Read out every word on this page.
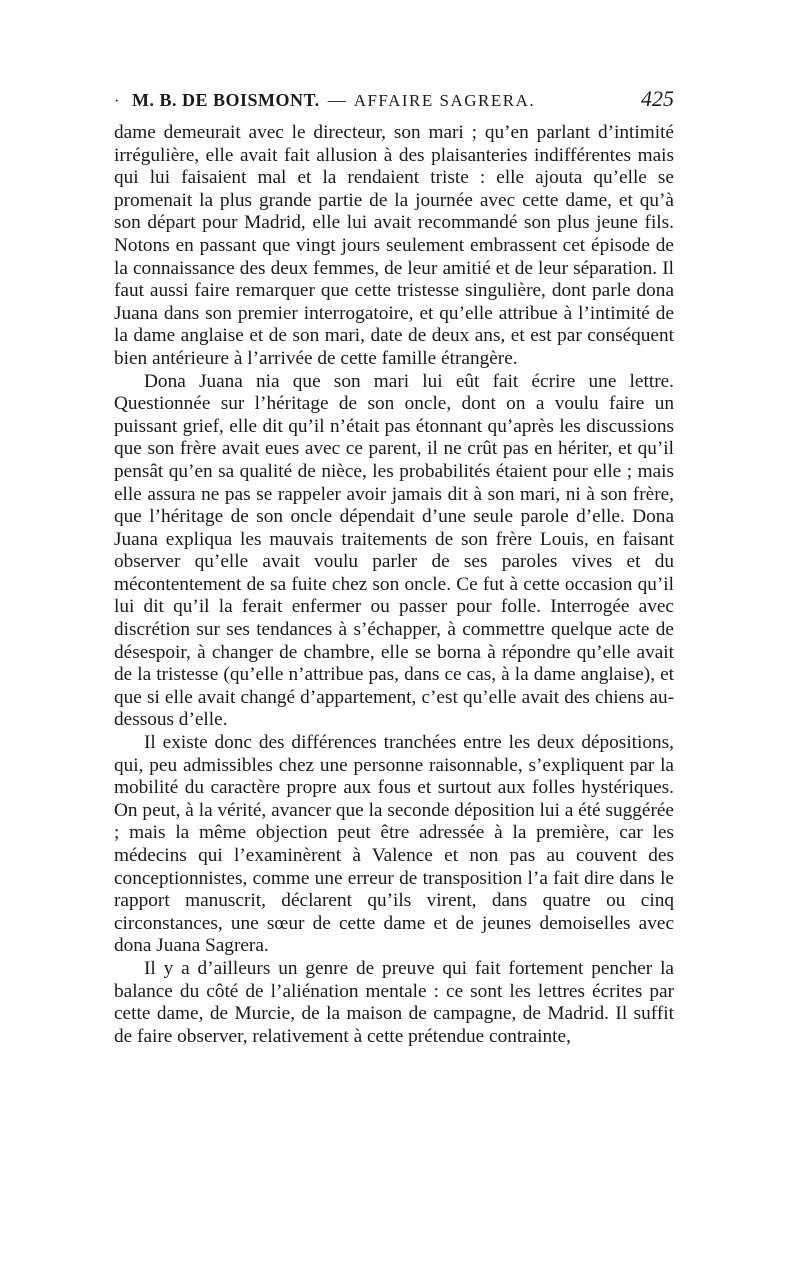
· M. B. DE BOISMONT. — AFFAIRE SAGRERA.	425

dame demeurait avec le directeur, son mari ; qu’en parlant d’intimité irrégulière, elle avait fait allusion à des plaisanteries indifférentes mais qui lui faisaient mal et la rendaient triste : elle ajouta qu’elle se promenait la plus grande partie de la journée avec cette dame, et qu’à son départ pour Madrid, elle lui avait recommandé son plus jeune fils. Notons en passant que vingt jours seulement embrassent cet épisode de la connaissance des deux femmes, de leur amitié et de leur séparation. Il faut aussi faire remarquer que cette tristesse singulière, dont parle dona Juana dans son premier interrogatoire, et qu’elle attribue à l’intimité de la dame anglaise et de son mari, date de deux ans, et est par conséquent bien antérieure à l’arrivée de cette famille étrangère.

Dona Juana nia que son mari lui eût fait écrire une lettre. Questionnée sur l’héritage de son oncle, dont on a voulu faire un puissant grief, elle dit qu’il n’était pas étonnant qu’après les discussions que son frère avait eues avec ce parent, il ne crût pas en hériter, et qu’il pensât qu’en sa qualité de nièce, les probabilités étaient pour elle ; mais elle assura ne pas se rappeler avoir jamais dit à son mari, ni à son frère, que l’héritage de son oncle dépendait d’une seule parole d’elle. Dona Juana expliqua les mauvais traitements de son frère Louis, en faisant observer qu’elle avait voulu parler de ses paroles vives et du mécontentement de sa fuite chez son oncle. Ce fut à cette occasion qu’il lui dit qu’il la ferait enfermer ou passer pour folle. Interrogée avec discrétion sur ses tendances à s’échapper, à commettre quelque acte de désespoir, à changer de chambre, elle se borna à répondre qu’elle avait de la tristesse (qu’elle n’attribue pas, dans ce cas, à la dame anglaise), et que si elle avait changé d’appartement, c’est qu’elle avait des chiens au-dessous d’elle.

Il existe donc des différences tranchées entre les deux dépositions, qui, peu admissibles chez une personne raisonnable, s’expliquent par la mobilité du caractère propre aux fous et surtout aux folles hystériques. On peut, à la vérité, avancer que la seconde déposition lui a été suggérée ; mais la même objection peut être adressée à la première, car les médecins qui l’examinèrent à Valence et non pas au couvent des conceptionnistes, comme une erreur de transposition l’a fait dire dans le rapport manuscrit, déclarent qu’ils virent, dans quatre ou cinq circonstances, une sœur de cette dame et de jeunes demoiselles avec dona Juana Sagrera.

Il y a d’ailleurs un genre de preuve qui fait fortement pencher la balance du côté de l’aliénation mentale : ce sont les lettres écrites par cette dame, de Murcie, de la maison de campagne, de Madrid. Il suffit de faire observer, relativement à cette prétendue contrainte,
